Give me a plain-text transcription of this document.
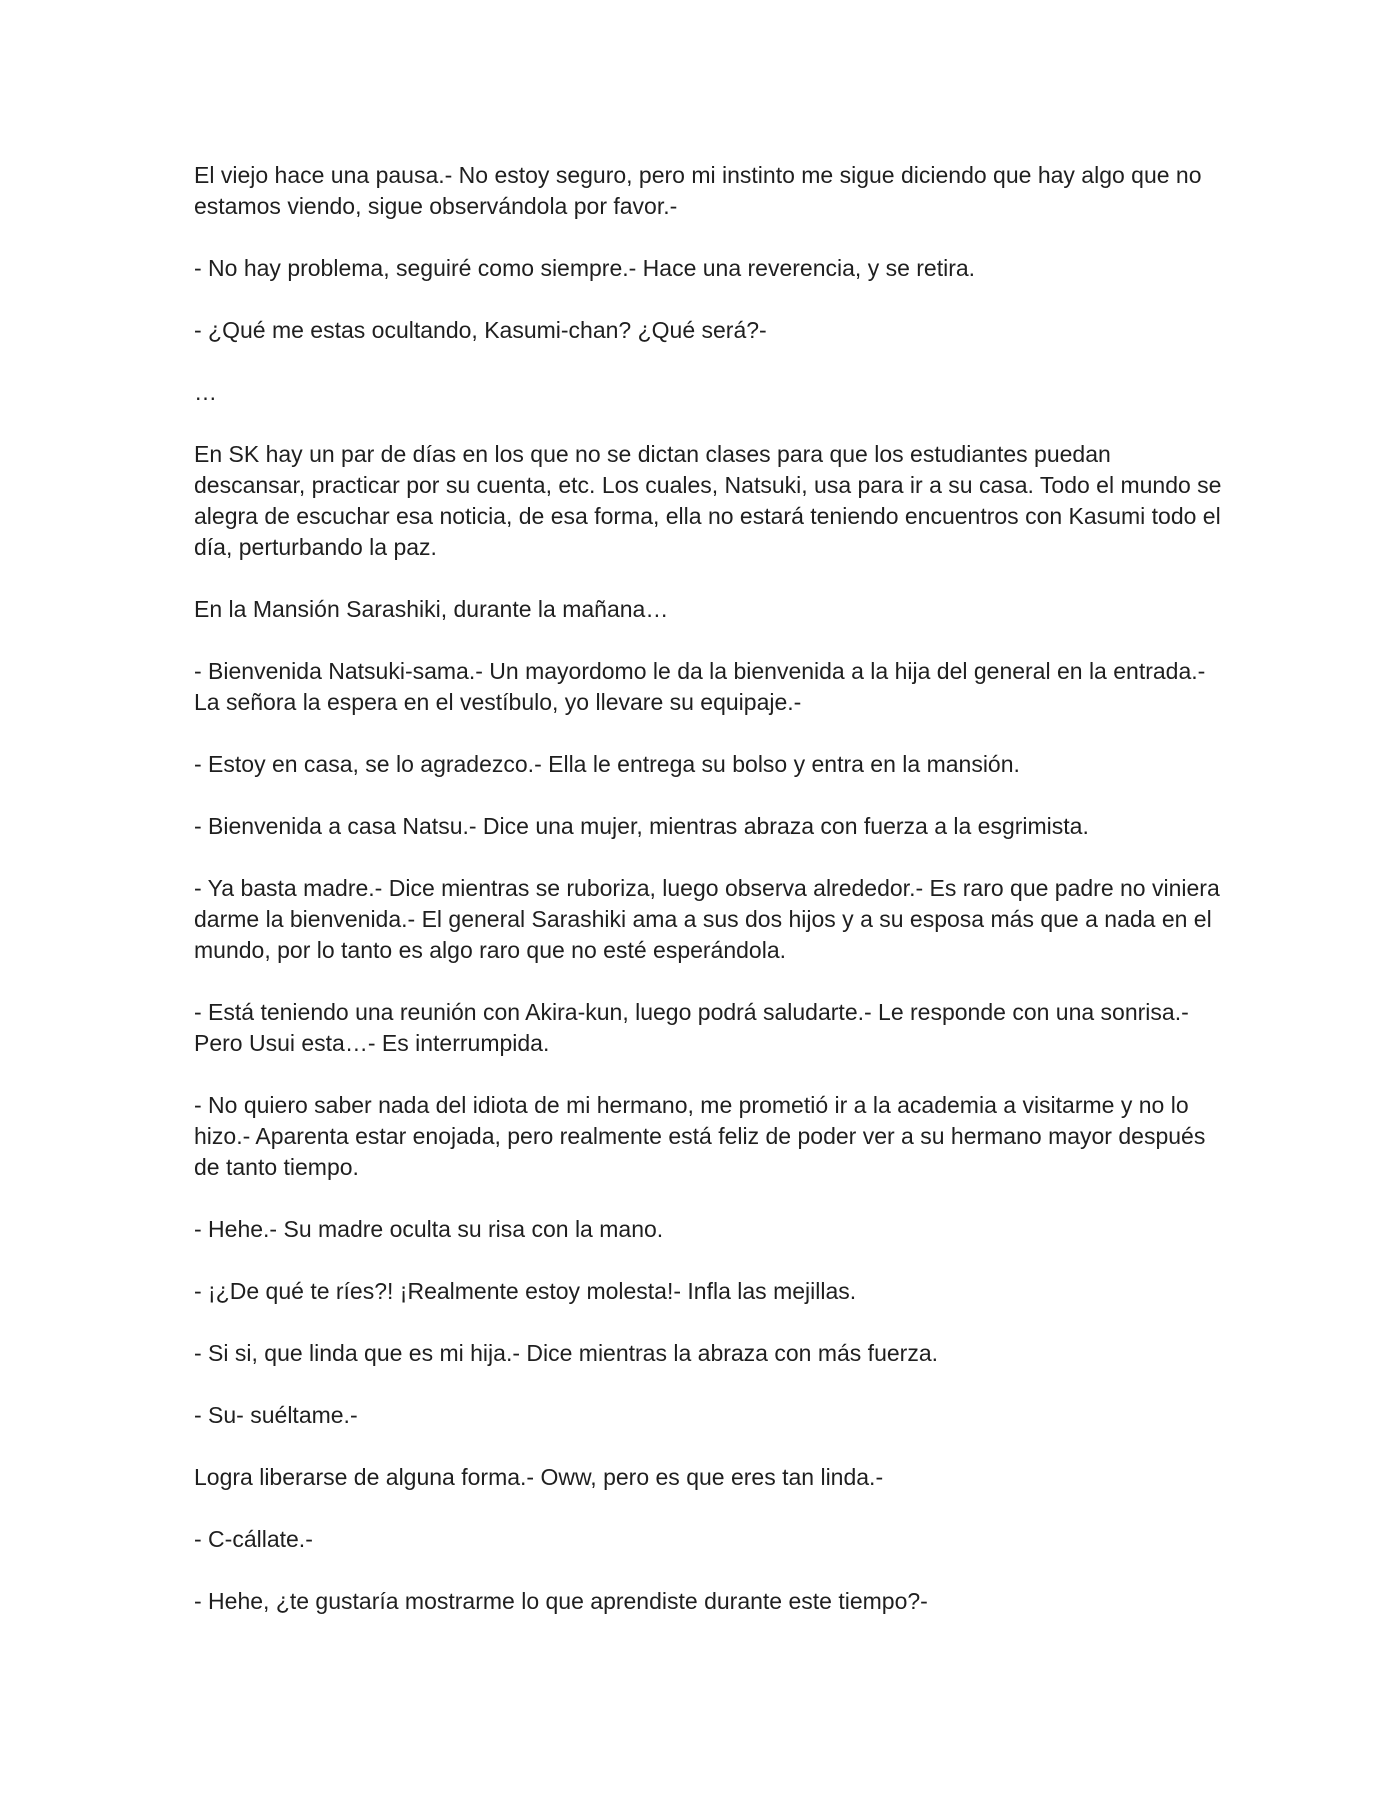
El viejo hace una pausa.- No estoy seguro, pero mi instinto me sigue diciendo que hay algo que no estamos viendo, sigue observándola por favor.-

- No hay problema, seguiré como siempre.- Hace una reverencia, y se retira.

- ¿Qué me estas ocultando, Kasumi-chan? ¿Qué será?-

…

En SK hay un par de días en los que no se dictan clases para que los estudiantes puedan descansar, practicar por su cuenta, etc. Los cuales, Natsuki, usa para ir a su casa. Todo el mundo se alegra de escuchar esa noticia, de esa forma, ella no estará teniendo encuentros con Kasumi todo el día, perturbando la paz.

En la Mansión Sarashiki, durante la mañana…

- Bienvenida Natsuki-sama.- Un mayordomo le da la bienvenida a la hija del general en la entrada.- La señora la espera en el vestíbulo, yo llevare su equipaje.-

- Estoy en casa, se lo agradezco.- Ella le entrega su bolso y entra en la mansión.

- Bienvenida a casa Natsu.- Dice una mujer, mientras abraza con fuerza a la esgrimista.

- Ya basta madre.- Dice mientras se ruboriza, luego observa alrededor.- Es raro que padre no viniera darme la bienvenida.- El general Sarashiki ama a sus dos hijos y a su esposa más que a nada en el mundo, por lo tanto es algo raro que no esté esperándola.

- Está teniendo una reunión con Akira-kun, luego podrá saludarte.- Le responde con una sonrisa.- Pero Usui esta…- Es interrumpida.

- No quiero saber nada del idiota de mi hermano, me prometió ir a la academia a visitarme y no lo hizo.- Aparenta estar enojada, pero realmente está feliz de poder ver a su hermano mayor después de tanto tiempo.

- Hehe.- Su madre oculta su risa con la mano.

- ¡¿De qué te ríes?! ¡Realmente estoy molesta!- Infla las mejillas.

- Si si, que linda que es mi hija.- Dice mientras la abraza con más fuerza.

- Su- suéltame.-

Logra liberarse de alguna forma.- Oww, pero es que eres tan linda.-

- C-cállate.-

- Hehe, ¿te gustaría mostrarme lo que aprendiste durante este tiempo?-
